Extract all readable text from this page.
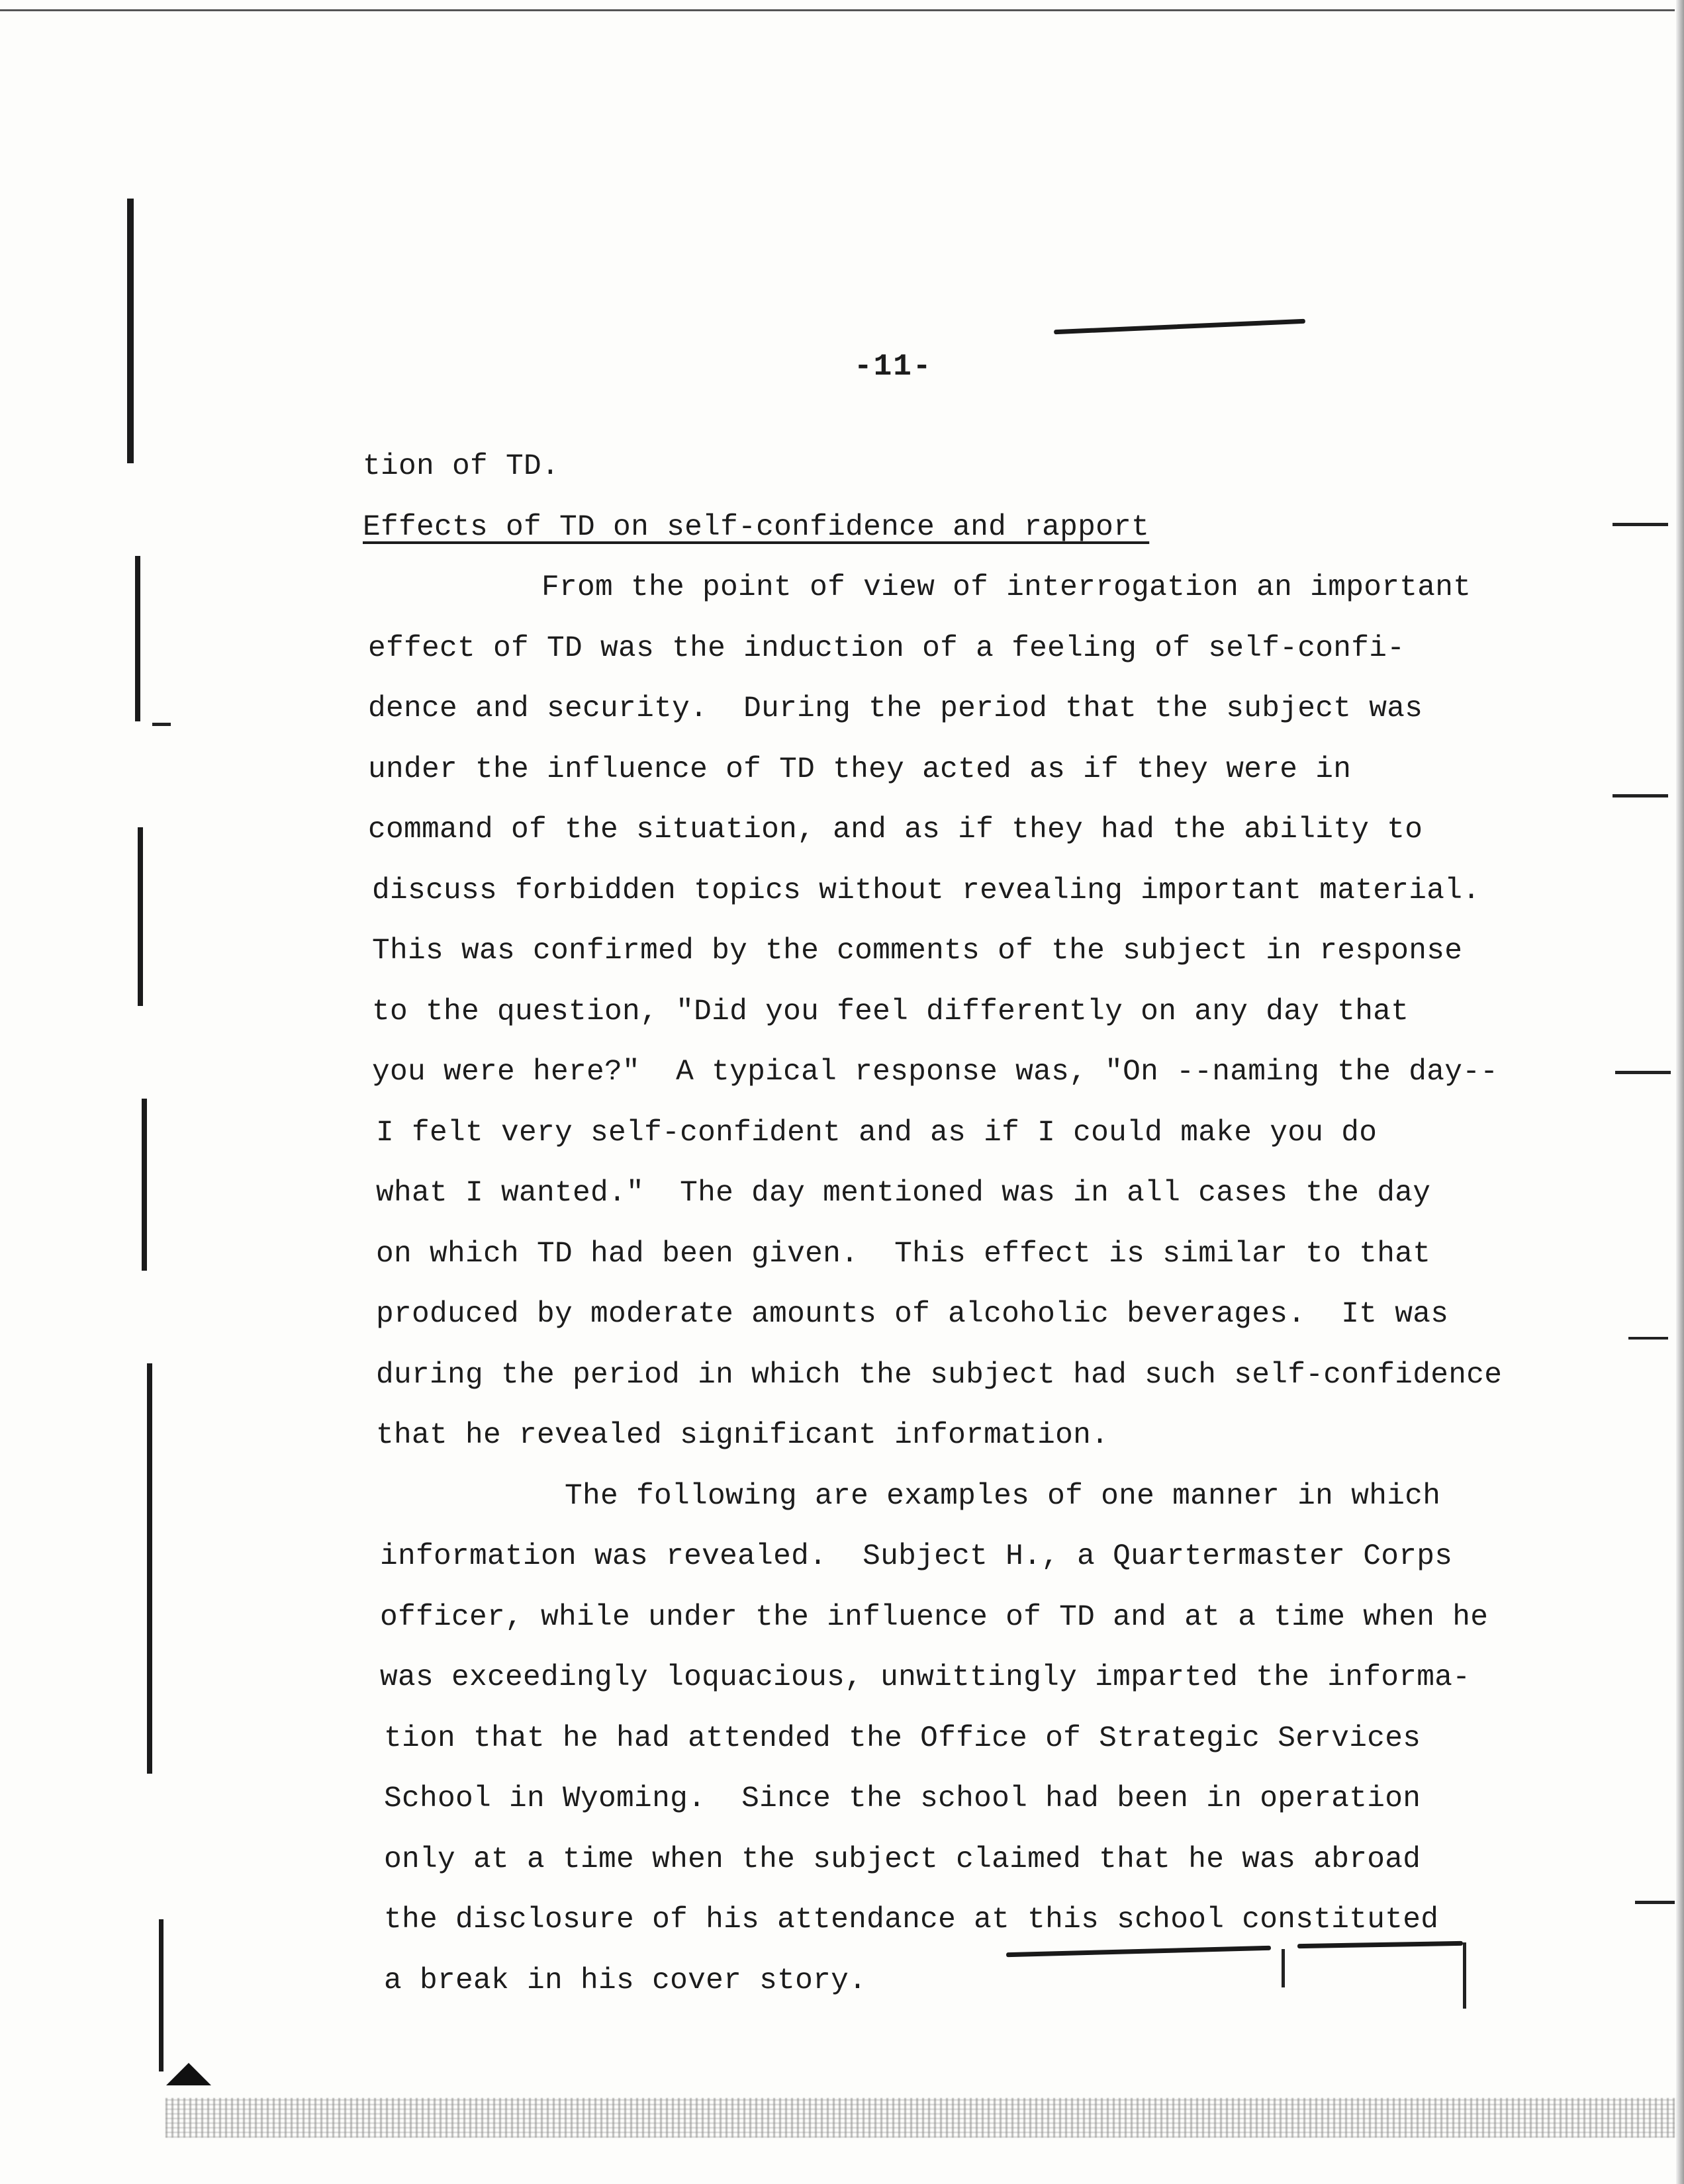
-11-
tion of TD.
Effects of TD on self-confidence and rapport
From the point of view of interrogation an important
effect of TD was the induction of a feeling of self-confi-
dence and security.  During the period that the subject was
under the influence of TD they acted as if they were in
command of the situation, and as if they had the ability to
discuss forbidden topics without revealing important material.
This was confirmed by the comments of the subject in response
to the question, "Did you feel differently on any day that
you were here?"  A typical response was, "On --naming the day--
I felt very self-confident and as if I could make you do
what I wanted."  The day mentioned was in all cases the day
on which TD had been given.  This effect is similar to that
produced by moderate amounts of alcoholic beverages.  It was
during the period in which the subject had such self-confidence
that he revealed significant information.
The following are examples of one manner in which
information was revealed.  Subject H., a Quartermaster Corps
officer, while under the influence of TD and at a time when he
was exceedingly loquacious, unwittingly imparted the informa-
tion that he had attended the Office of Strategic Services
School in Wyoming.  Since the school had been in operation
only at a time when the subject claimed that he was abroad
the disclosure of his attendance at this school constituted
a break in his cover story.
